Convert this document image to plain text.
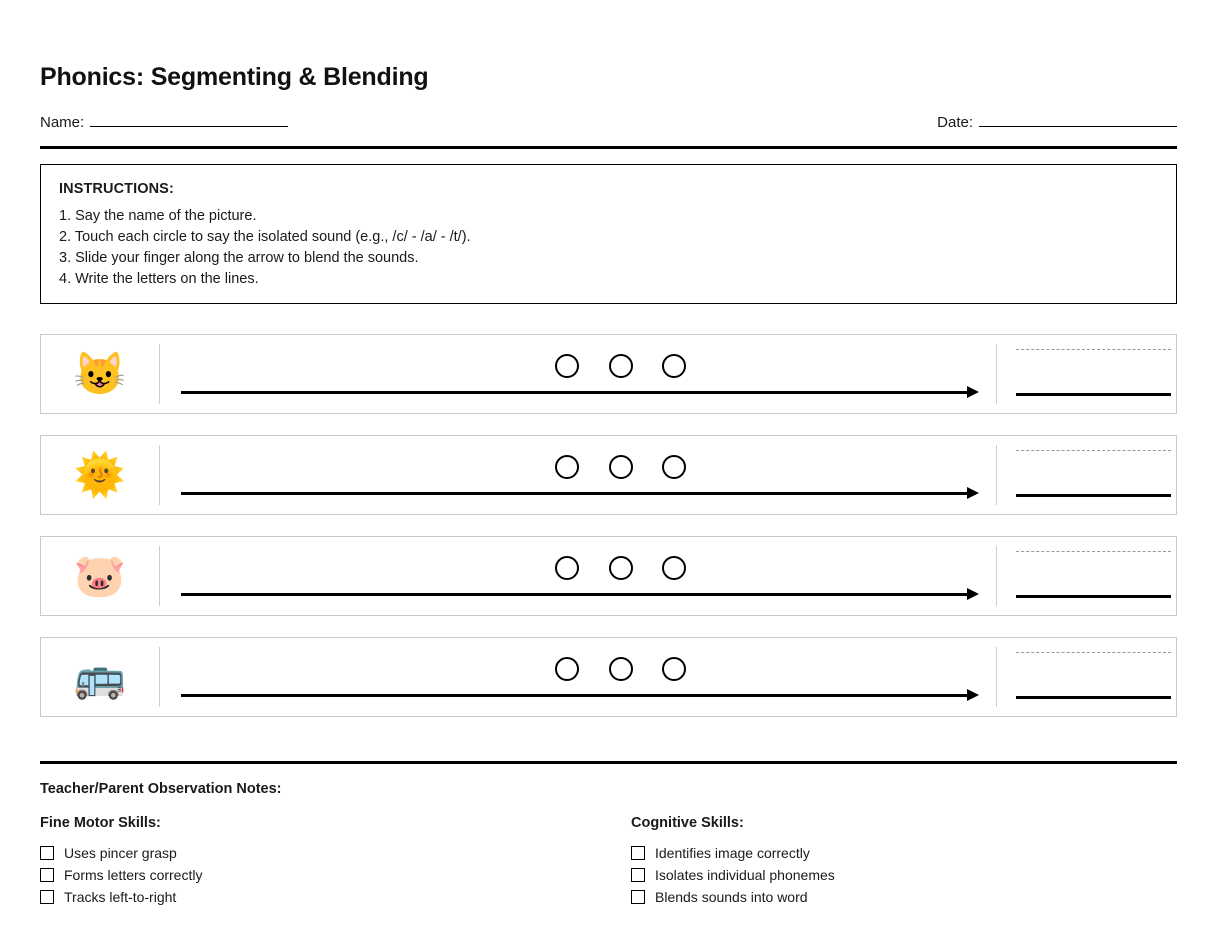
Phonics: Segmenting & Blending
Name:	Date:
INSTRUCTIONS:
1. Say the name of the picture.
2. Touch each circle to say the isolated sound (e.g., /c/ - /a/ - /t/).
3. Slide your finger along the arrow to blend the sounds.
4. Write the letters on the lines.
😺
🌞
🐷
🚌
Teacher/Parent Observation Notes:
Fine Motor Skills:
Uses pincer grasp
Forms letters correctly
Tracks left-to-right
Cognitive Skills:
Identifies image correctly
Isolates individual phonemes
Blends sounds into word
